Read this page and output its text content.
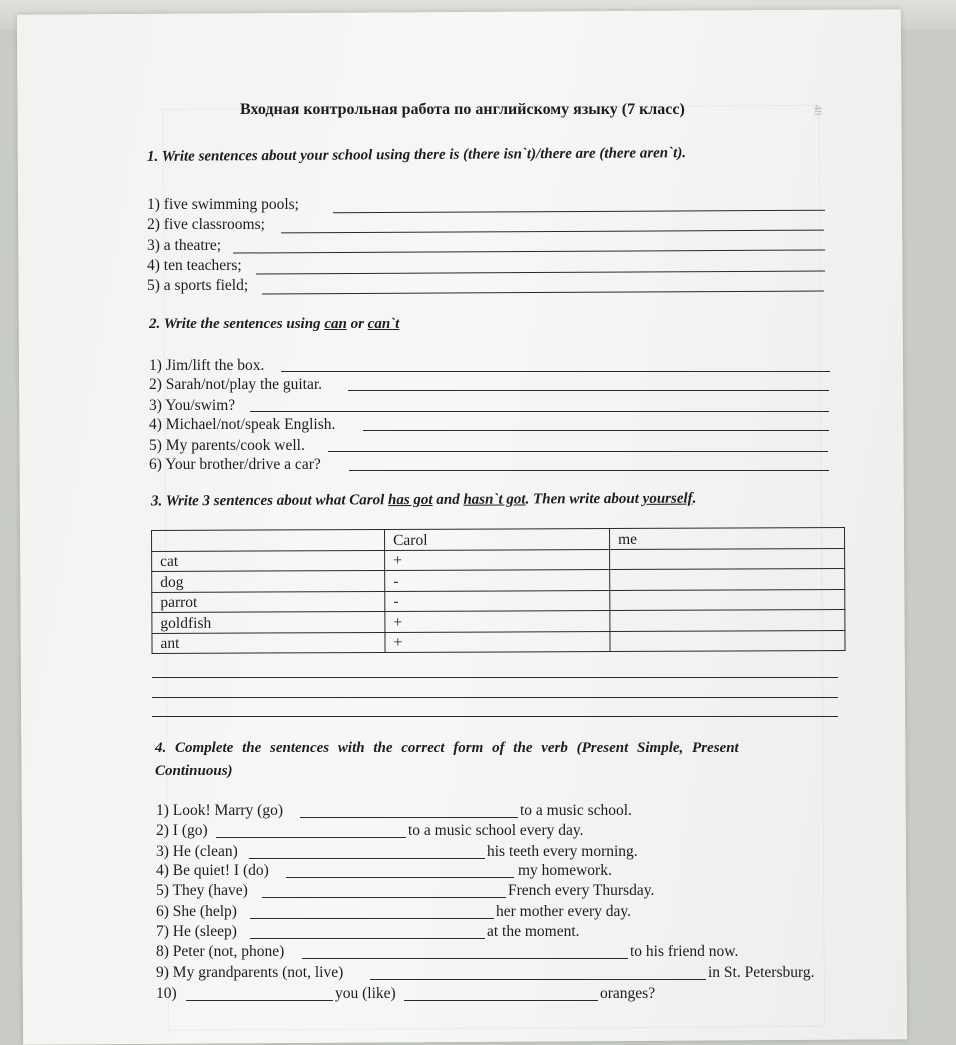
48
Входная контрольная работа по английскому языку (7 класс)
1. Write sentences about your school using there is (there isn`t)/there are (there aren`t).
1) five swimming pools;
2) five classrooms;
3) a theatre;
4) ten teachers;
5) a sports field;
2. Write the sentences using can or can`t
1) Jim/lift the box.
2) Sarah/not/play the guitar.
3) You/swim?
4) Michael/not/speak English.
5) My parents/cook well.
6) Your brother/drive a car?
3. Write 3 sentences about what Carol has got and hasn`t got. Then write about yourself.
	Carol	me
cat	+	
dog	-	
parrot	-	
goldfish	+	
ant	+	
4. Complete the sentences with the correct form of the verb (Present Simple, Present
Continuous)
1) Look! Marry (go)	to a music school.
2) I (go)	to a music school every day.
3) He (clean)	his teeth every morning.
4) Be quiet! I (do)	my homework.
5) They (have)	French every Thursday.
6) She (help)	her mother every day.
7) He (sleep)	at the moment.
8) Peter (not, phone)	to his friend now.
9) My grandparents (not, live)	in St. Petersburg.
10)	you (like)	oranges?
